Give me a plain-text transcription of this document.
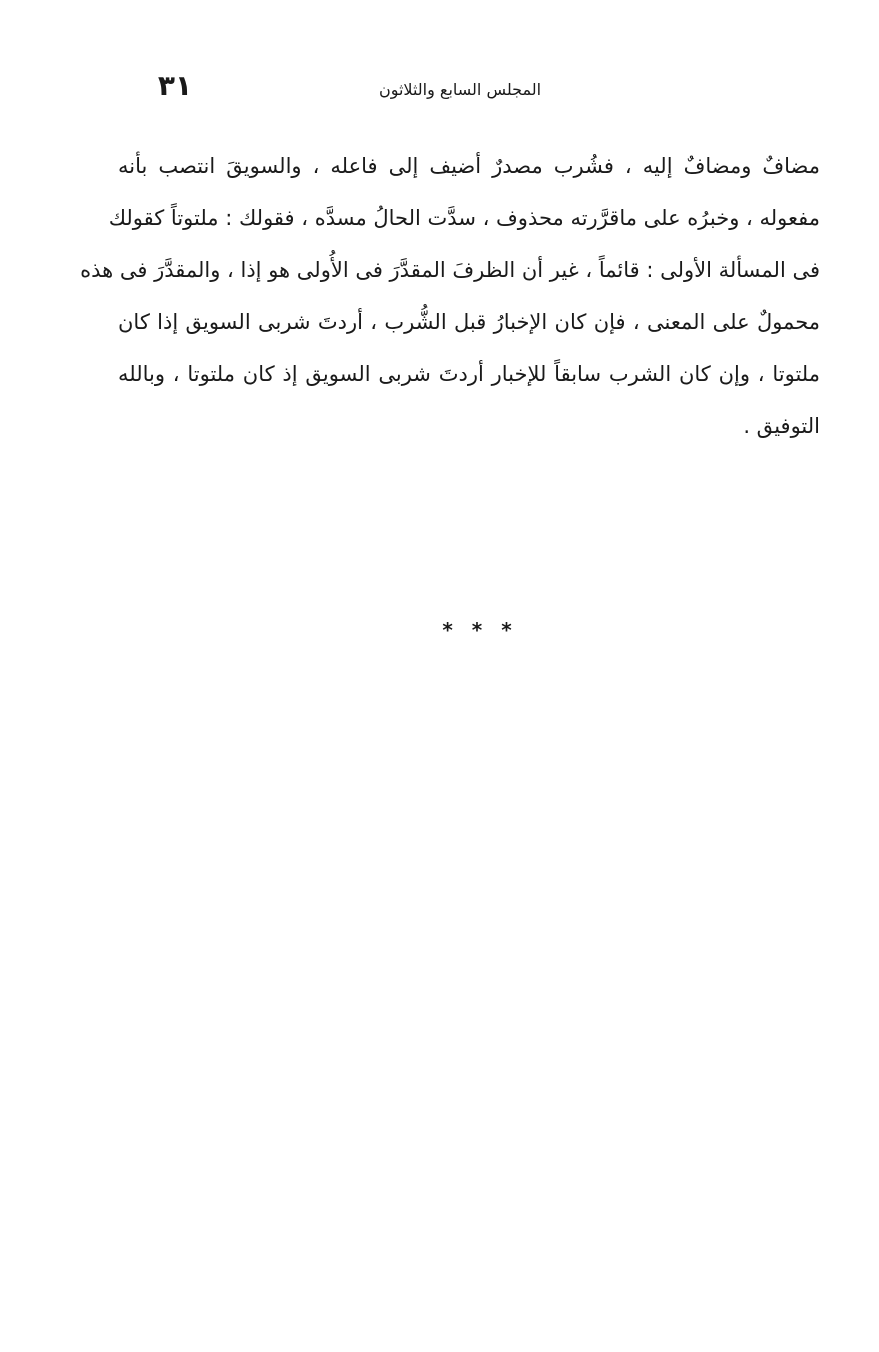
٣١	المجلس السابع والثلاثون
مضافٌ ومضافٌ إليه ، فشُرب مصدرٌ أضيف إلى فاعله ، والسويقَ انتصب بأنه
مفعوله ، وخبرُه على ماقرَّرته محذوف ، سدَّت الحالُ مسدَّه ، فقولك : ملتوتاً كقولك
فى المسألة الأولى : قائماً ، غير أن الظرفَ المقدَّرَ فى الأُولى هو إذا ، والمقدَّرَ فى هذه
محمولٌ على المعنى ، فإن كان الإخبارُ قبل الشُّرب ، أردتَ شربى السويق إذا كان
ملتوتا ، وإن كان الشرب سابقاً للإخبار أردتَ شربى السويق إذ كان ملتوتا ، وبالله
التوفيق .
* * *
